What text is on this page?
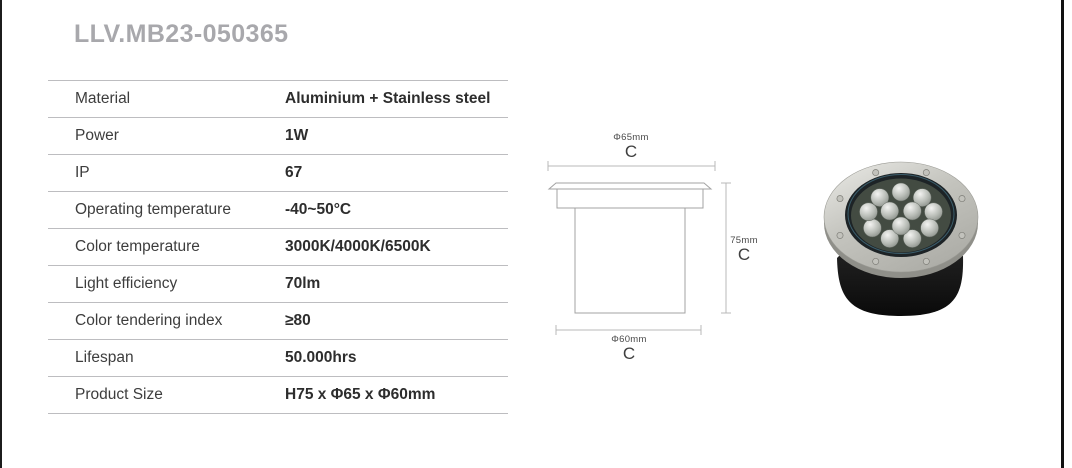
LLV.MB23-050365
Material	Aluminium + Stainless steel
Power	1W
IP	67
Operating temperature	-40~50°C
Color temperature	3000K/4000K/6500K
Light efficiency	70lm
Color tendering index	≥80
Lifespan	50.000hrs
Product Size	H75 x Φ65 x Φ60mm
Φ65mm
C
75mm
C
Φ60mm
C
